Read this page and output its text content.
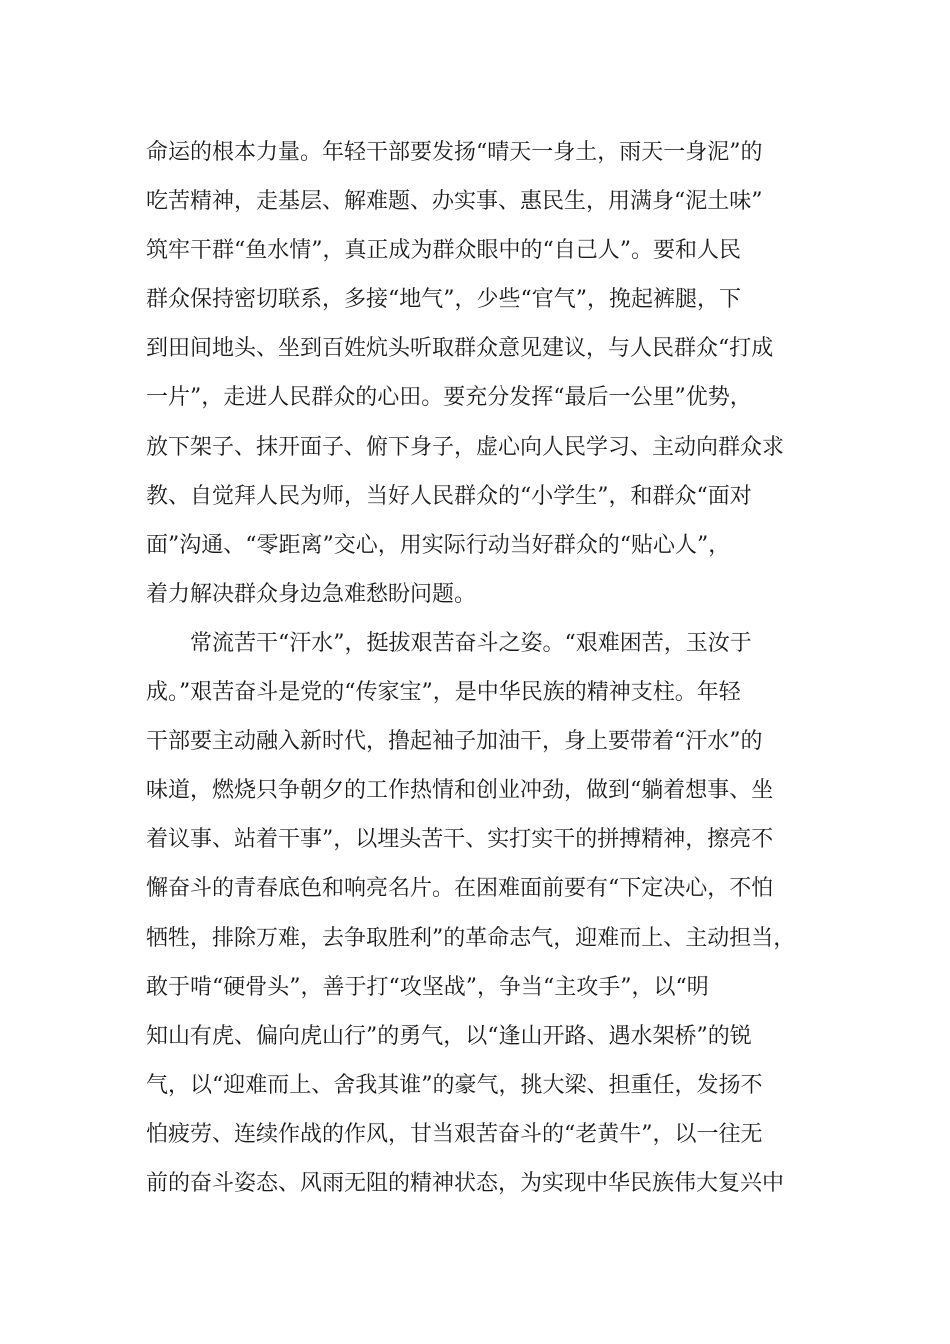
命运的根本力量。年轻干部要发扬“晴天一身土，雨天一身泥”的
吃苦精神，走基层、解难题、办实事、惠民生，用满身“泥土味”
筑牢干群“鱼水情”，真正成为群众眼中的“自己人”。要和人民
群众保持密切联系，多接“地气”，少些“官气”，挽起裤腿，下
到田间地头、坐到百姓炕头听取群众意见建议，与人民群众“打成
一片”，走进人民群众的心田。要充分发挥“最后一公里”优势，
放下架子、抹开面子、俯下身子，虚心向人民学习、主动向群众求
教、自觉拜人民为师，当好人民群众的“小学生”，和群众“面对
面”沟通、“零距离”交心，用实际行动当好群众的“贴心人”，
着力解决群众身边急难愁盼问题。
常流苦干“汗水”，挺拔艰苦奋斗之姿。“艰难困苦，玉汝于
成。”艰苦奋斗是党的“传家宝”，是中华民族的精神支柱。年轻
干部要主动融入新时代，撸起袖子加油干，身上要带着“汗水”的
味道，燃烧只争朝夕的工作热情和创业冲劲，做到“躺着想事、坐
着议事、站着干事”，以埋头苦干、实打实干的拼搏精神，擦亮不
懈奋斗的青春底色和响亮名片。在困难面前要有“下定决心，不怕
牺牲，排除万难，去争取胜利”的革命志气，迎难而上、主动担当，
敢于啃“硬骨头”，善于打“攻坚战”，争当“主攻手”，以“明
知山有虎、偏向虎山行”的勇气，以“逢山开路、遇水架桥”的锐
气，以“迎难而上、舍我其谁”的豪气，挑大梁、担重任，发扬不
怕疲劳、连续作战的作风，甘当艰苦奋斗的“老黄牛”，以一往无
前的奋斗姿态、风雨无阻的精神状态，为实现中华民族伟大复兴中
